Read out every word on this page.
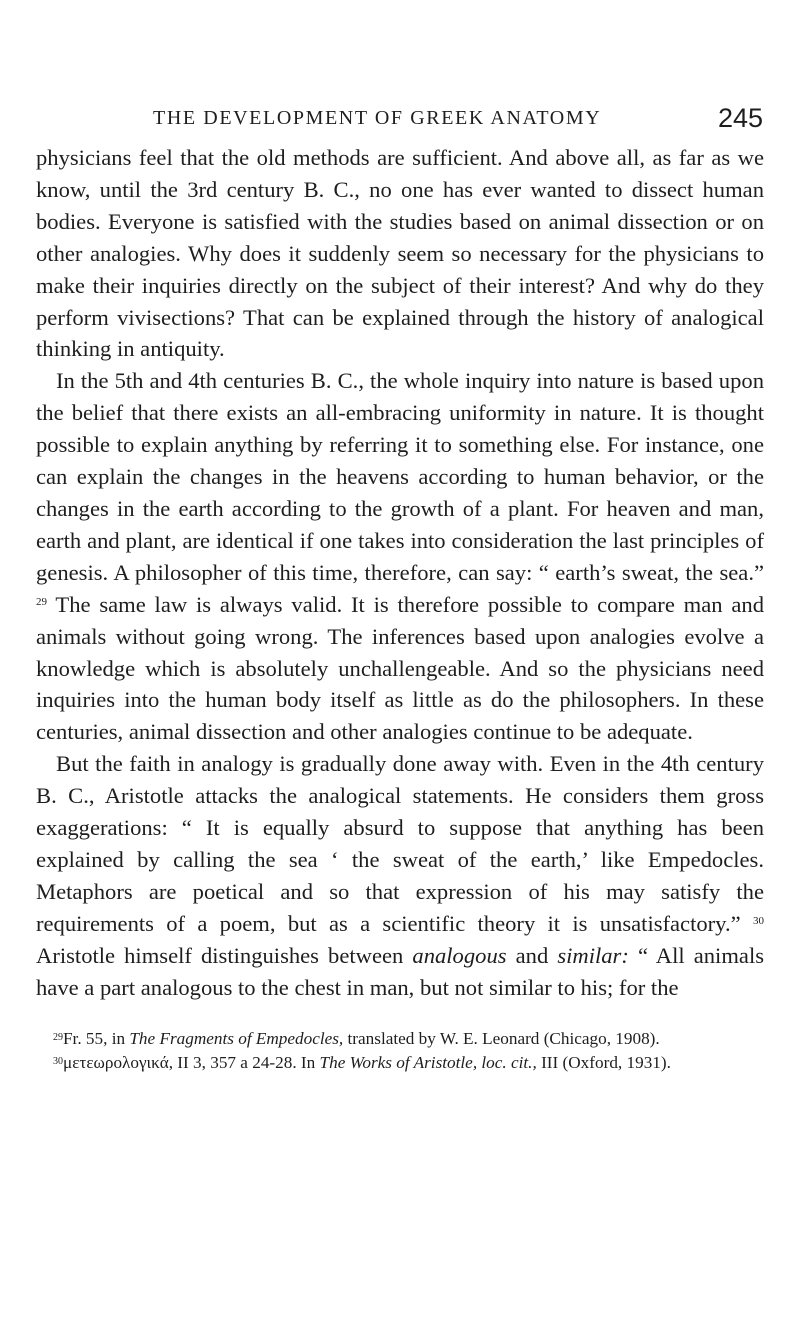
THE DEVELOPMENT OF GREEK ANATOMY	245

physicians feel that the old methods are sufficient. And above all, as far as we know, until the 3rd century B. C., no one has ever wanted to dissect human bodies. Everyone is satisfied with the studies based on animal dissection or on other analogies. Why does it suddenly seem so necessary for the physicians to make their inquiries directly on the subject of their interest? And why do they perform vivisections? That can be explained through the history of analogical thinking in antiquity.

In the 5th and 4th centuries B. C., the whole inquiry into nature is based upon the belief that there exists an all-embracing uniformity in nature. It is thought possible to explain anything by referring it to something else. For instance, one can explain the changes in the heavens according to human behavior, or the changes in the earth according to the growth of a plant. For heaven and man, earth and plant, are identical if one takes into consideration the last principles of genesis. A philosopher of this time, therefore, can say: “ earth’s sweat, the sea.” $^{29}$ The same law is always valid. It is therefore possible to compare man and animals without going wrong. The inferences based upon analogies evolve a knowledge which is absolutely unchallengeable. And so the physicians need inquiries into the human body itself as little as do the philosophers. In these centuries, animal dissection and other analogies continue to be adequate.

But the faith in analogy is gradually done away with. Even in the 4th century B. C., Aristotle attacks the analogical statements. He considers them gross exaggerations: “ It is equally absurd to suppose that anything has been explained by calling the sea ‘ the sweat of the earth,’ like Empedocles. Metaphors are poetical and so that expression of his may satisfy the requirements of a poem, but as a scientific theory it is unsatisfactory.” $^{30}$ Aristotle himself distinguishes between analogous and similar: “ All animals have a part analogous to the chest in man, but not similar to his; for the

$^{29}$Fr. 55, in The Fragments of Empedocles, translated by W. E. Leonard (Chicago, 1908).

$^{30}$μετεωρολογικά, II 3, 357 a 24-28. In The Works of Aristotle, loc. cit., III (Oxford, 1931).
